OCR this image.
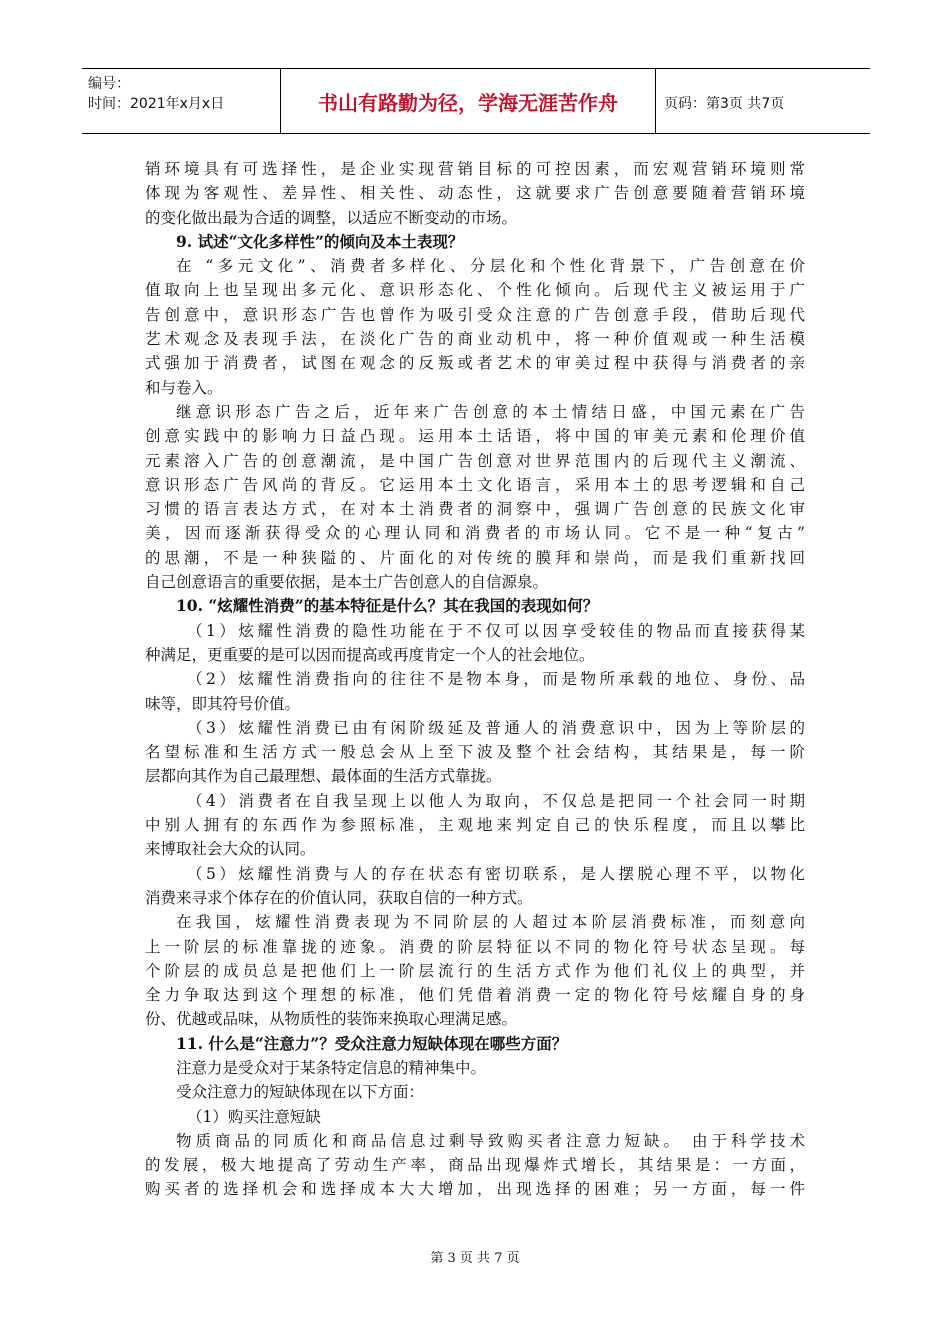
编号：
时间：2021年x月x日	书山有路勤为径，学海无涯苦作舟	页码：第3页 共7页
销环境具有可选择性，是企业实现营销目标的可控因素，而宏观营销环境则常
体现为客观性、差异性、相关性、动态性，这就要求广告创意要随着营销环境
的变化做出最为合适的调整，以适应不断变动的市场。
9. 试述“文化多样性”的倾向及本土表现？
在 “多元文化”、消费者多样化、分层化和个性化背景下，广告创意在价
值取向上也呈现出多元化、意识形态化、个性化倾向。后现代主义被运用于广
告创意中，意识形态广告也曾作为吸引受众注意的广告创意手段，借助后现代
艺术观念及表现手法，在淡化广告的商业动机中，将一种价值观或一种生活模
式强加于消费者，试图在观念的反叛或者艺术的审美过程中获得与消费者的亲
和与卷入。
继意识形态广告之后，近年来广告创意的本土情结日盛，中国元素在广告
创意实践中的影响力日益凸现。运用本土话语，将中国的审美元素和伦理价值
元素溶入广告的创意潮流，是中国广告创意对世界范围内的后现代主义潮流、
意识形态广告风尚的背反。它运用本土文化语言，采用本土的思考逻辑和自己
习惯的语言表达方式，在对本土消费者的洞察中，强调广告创意的民族文化审
美，因而逐渐获得受众的心理认同和消费者的市场认同。它不是一种“复古”
的思潮，不是一种狭隘的、片面化的对传统的膜拜和崇尚，而是我们重新找回
自己创意语言的重要依据，是本土广告创意人的自信源泉。
10. “炫耀性消费”的基本特征是什么？其在我国的表现如何？
（1）炫耀性消费的隐性功能在于不仅可以因享受较佳的物品而直接获得某
种满足，更重要的是可以因而提高或再度肯定一个人的社会地位。
（2）炫耀性消费指向的往往不是物本身，而是物所承载的地位、身份、品
味等，即其符号价值。
（3）炫耀性消费已由有闲阶级延及普通人的消费意识中，因为上等阶层的
名望标准和生活方式一般总会从上至下波及整个社会结构，其结果是，每一阶
层都向其作为自己最理想、最体面的生活方式靠拢。
（4）消费者在自我呈现上以他人为取向，不仅总是把同一个社会同一时期
中别人拥有的东西作为参照标准，主观地来判定自己的快乐程度，而且以攀比
来博取社会大众的认同。
（5）炫耀性消费与人的存在状态有密切联系，是人摆脱心理不平，以物化
消费来寻求个体存在的价值认同，获取自信的一种方式。
在我国，炫耀性消费表现为不同阶层的人超过本阶层消费标准，而刻意向
上一阶层的标准靠拢的迹象。消费的阶层特征以不同的物化符号状态呈现。每
个阶层的成员总是把他们上一阶层流行的生活方式作为他们礼仪上的典型，并
全力争取达到这个理想的标准，他们凭借着消费一定的物化符号炫耀自身的身
份、优越或品味，从物质性的装饰来换取心理满足感。
11. 什么是“注意力”？受众注意力短缺体现在哪些方面？
注意力是受众对于某条特定信息的精神集中。
受众注意力的短缺体现在以下方面：
（1）购买注意短缺
物质商品的同质化和商品信息过剩导致购买者注意力短缺。 由于科学技术
的发展，极大地提高了劳动生产率，商品出现爆炸式增长，其结果是：一方面，
购买者的选择机会和选择成本大大增加，出现选择的困难；另一方面，每一件
第 3 页 共 7 页
